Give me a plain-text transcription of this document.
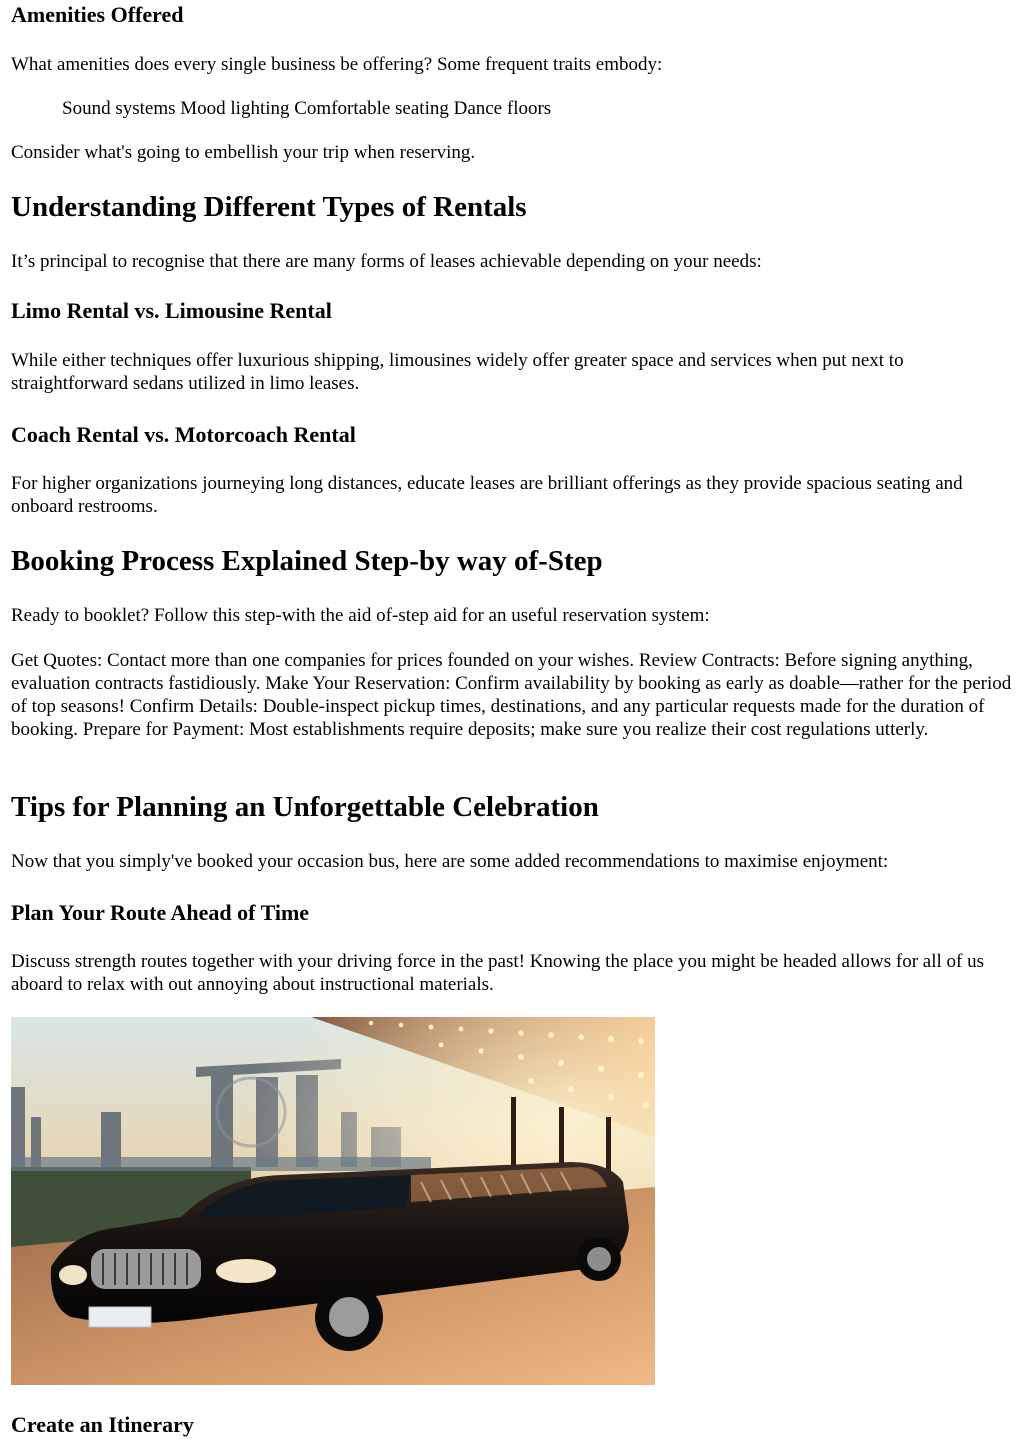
Amenities Offered

What amenities does every single business be offering? Some frequent traits embody:

Sound systems Mood lighting Comfortable seating Dance floors

Consider what's going to embellish your trip when reserving.

Understanding Different Types of Rentals

It’s principal to recognise that there are many forms of leases achievable depending on your needs:

Limo Rental vs. Limousine Rental

While either techniques offer luxurious shipping, limousines widely offer greater space and services when put next to straightforward sedans utilized in limo leases.

Coach Rental vs. Motorcoach Rental

For higher organizations journeying long distances, educate leases are brilliant offerings as they provide spacious seating and onboard restrooms.

Booking Process Explained Step-by way of-Step

Ready to booklet? Follow this step-with the aid of-step aid for an useful reservation system:

Get Quotes: Contact more than one companies for prices founded on your wishes. Review Contracts: Before signing anything, evaluation contracts fastidiously. Make Your Reservation: Confirm availability by booking as early as doable—rather for the period of top seasons! Confirm Details: Double-inspect pickup times, destinations, and any particular requests made for the duration of booking. Prepare for Payment: Most establishments require deposits; make sure you realize their cost regulations utterly.

Tips for Planning an Unforgettable Celebration

Now that you simply've booked your occasion bus, here are some added recommendations to maximise enjoyment:

Plan Your Route Ahead of Time

Discuss strength routes together with your driving force in the past! Knowing the place you might be headed allows for all of us aboard to relax with out annoying about instructional materials.

Create an Itinerary
